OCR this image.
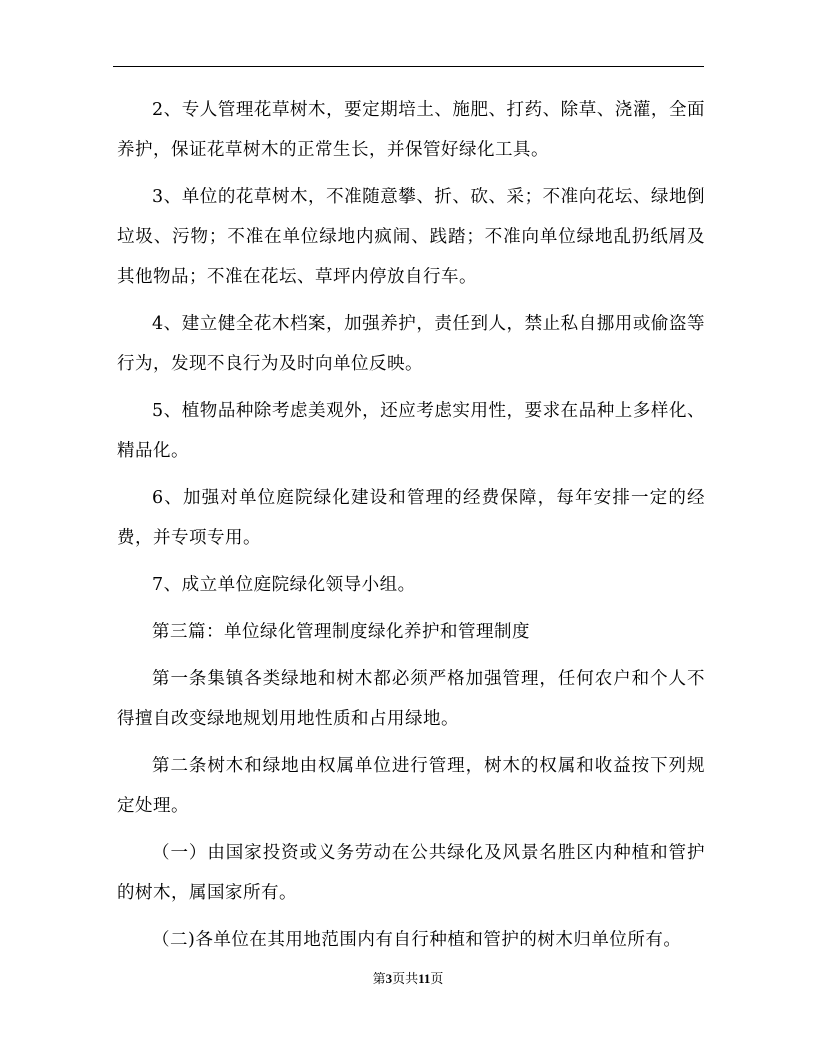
2、专人管理花草树木，要定期培土、施肥、打药、除草、浇灌，全面养护，保证花草树木的正常生长，并保管好绿化工具。

3、单位的花草树木，不准随意攀、折、砍、采；不准向花坛、绿地倒垃圾、污物；不准在单位绿地内疯闹、践踏；不准向单位绿地乱扔纸屑及其他物品；不准在花坛、草坪内停放自行车。

4、建立健全花木档案，加强养护，责任到人，禁止私自挪用或偷盗等行为，发现不良行为及时向单位反映。

5、植物品种除考虑美观外，还应考虑实用性，要求在品种上多样化、精品化。

6、加强对单位庭院绿化建设和管理的经费保障，每年安排一定的经费，并专项专用。

7、成立单位庭院绿化领导小组。

第三篇：单位绿化管理制度绿化养护和管理制度

第一条集镇各类绿地和树木都必须严格加强管理，任何农户和个人不得擅自改变绿地规划用地性质和占用绿地。

第二条树木和绿地由权属单位进行管理，树木的权属和收益按下列规定处理。

（一）由国家投资或义务劳动在公共绿化及风景名胜区内种植和管护的树木，属国家所有。

（二)各单位在其用地范围内有自行种植和管护的树木归单位所有。

第3页共11页
